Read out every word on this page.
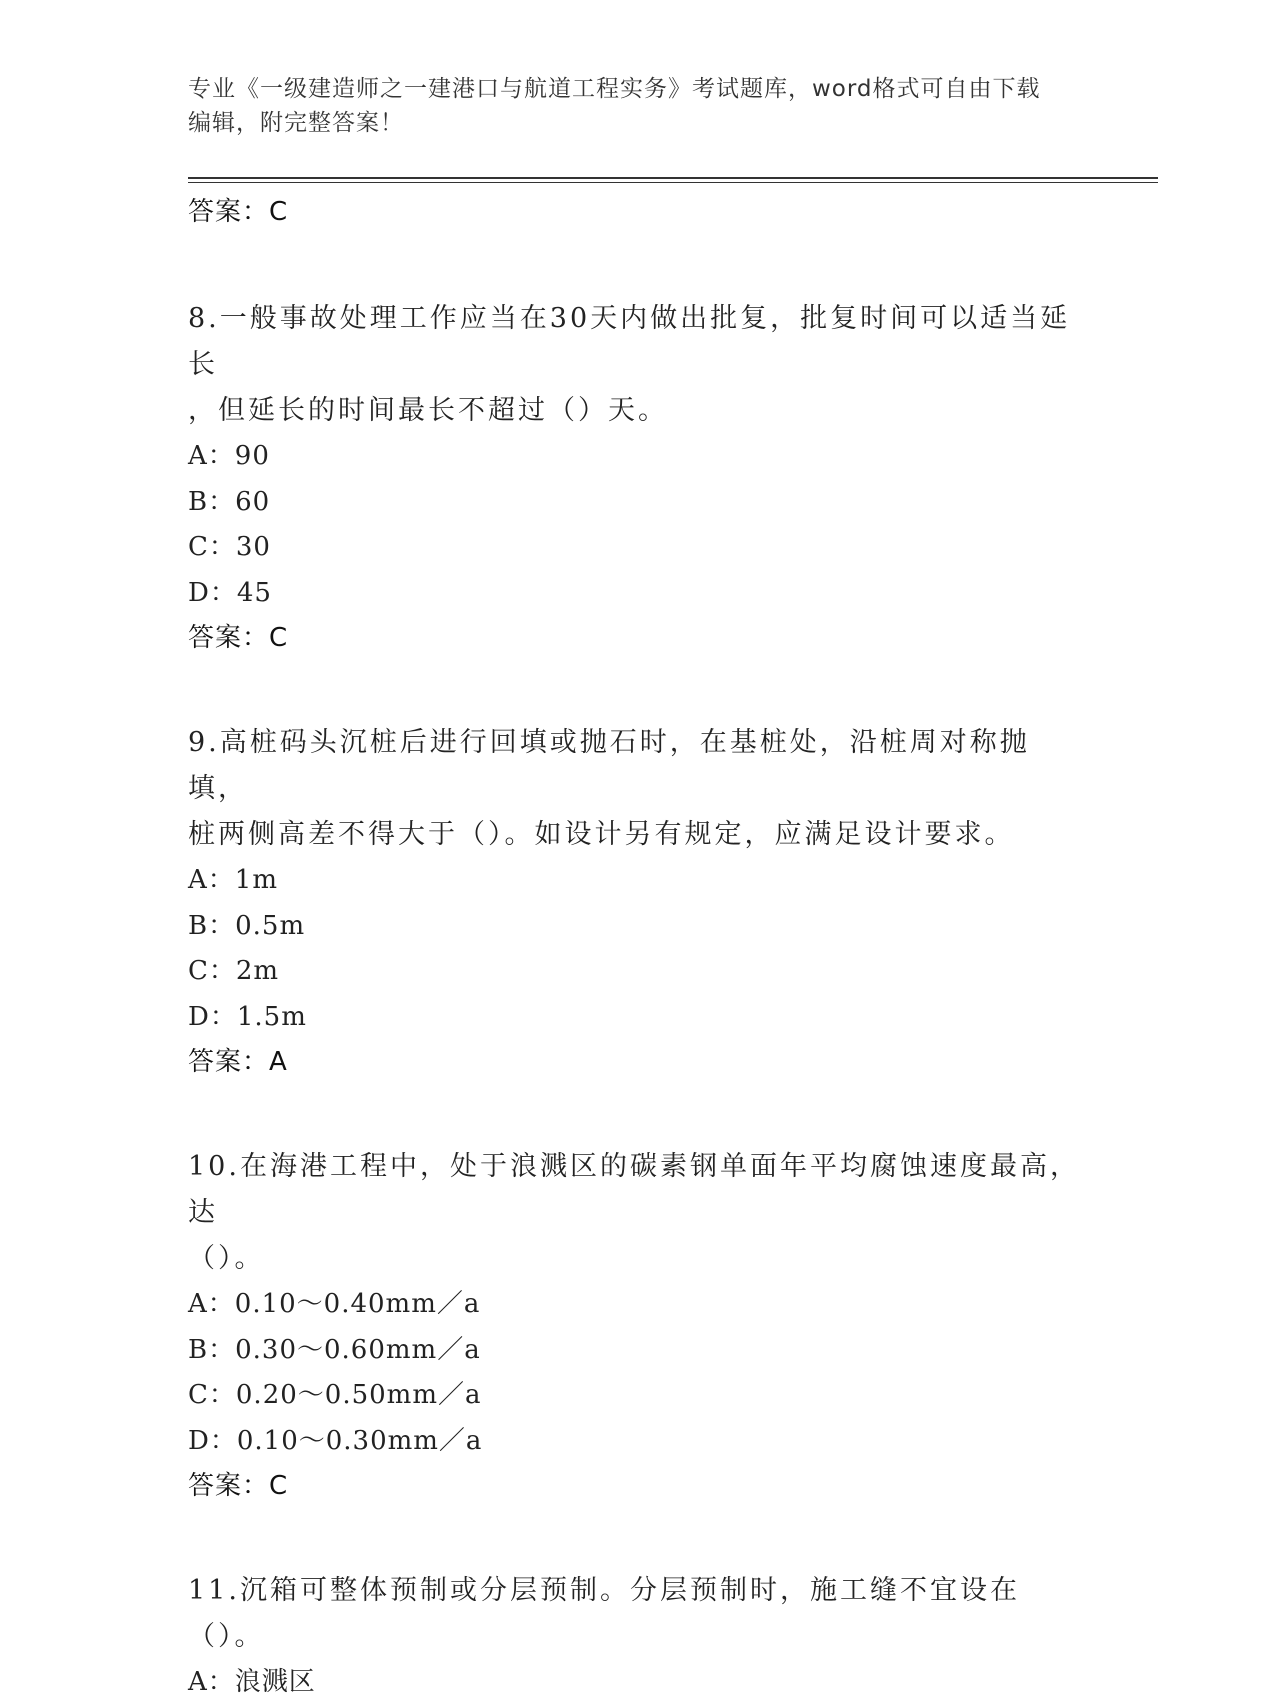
专业《一级建造师之一建港口与航道工程实务》考试题库，word格式可自由下载
编辑，附完整答案！
答案：C
8.一般事故处理工作应当在30天内做出批复，批复时间可以适当延长
，但延长的时间最长不超过（）天。
A：90
B：60
C：30
D：45
答案：C
9.高桩码头沉桩后进行回填或抛石时，在基桩处，沿桩周对称抛填，
桩两侧高差不得大于（）。如设计另有规定，应满足设计要求。
A：1m
B：0.5m
C：2m
D：1.5m
答案：A
10.在海港工程中，处于浪溅区的碳素钢单面年平均腐蚀速度最高，达
（）。
A：0.10～0.40mm／a
B：0.30～0.60mm／a
C：0.20～0.50mm／a
D：0.10～0.30mm／a
答案：C
11.沉箱可整体预制或分层预制。分层预制时，施工缝不宜设在（）。
A：浪溅区
